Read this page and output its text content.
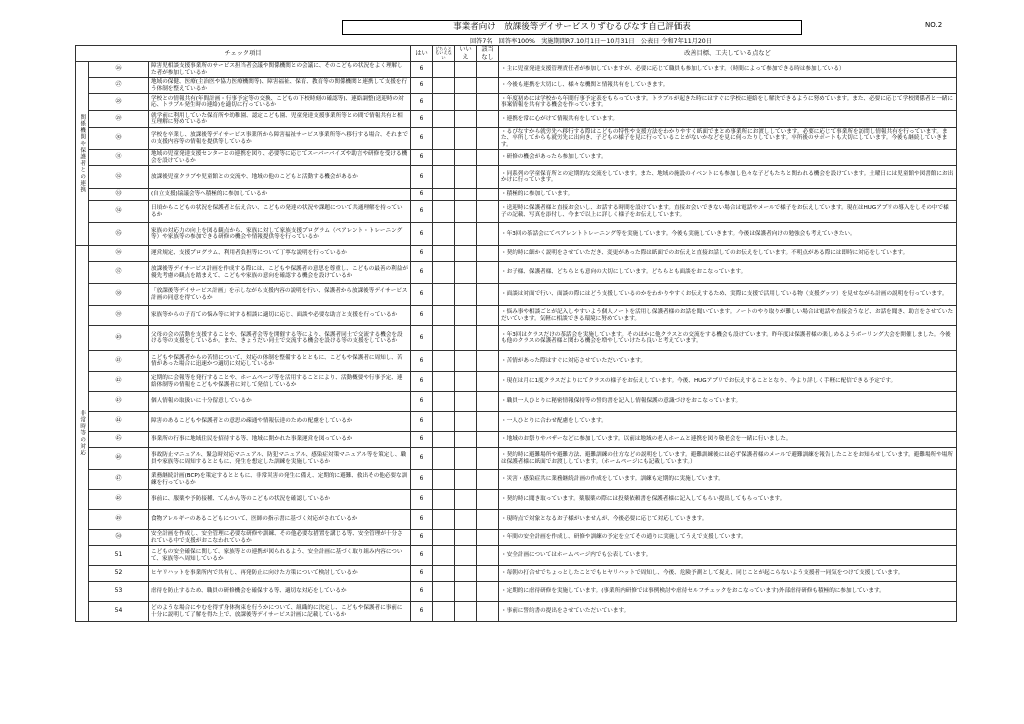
事業者向け　放課後等デイサービスりずむるぴなす自己評価表	NO.2
回答7名　回答率100%　実施期間R7.10月1日～10月31日　公表日 令和7年11月20日
チェック項目			はい	どちらともいえない	いいえ	該当なし	改善目標、工夫している点など
関係機関や保護者との連携	㉖	障害児相談支援事業所のサービス担当者会議や関係機関との会議に、そのこどもの状況をよく理解した者が参加しているか	6				・主に児童発達支援管理責任者が参加していますが、必要に応じて職員も参加しています。（時間によって参加できる時は参加している）
	㉗	地域の保健、医療(主治医や協力医療機関等)、障害福祉、保育、教育等の関係機関と連携して支援を行う体制を整えているか	6				・今後も連携を大切にし、様々な機関と情報共有をしていきます。
	㉘	学校との情報共有(年間計画・行事予定等の交換、こどもの下校時刻の確認等)、連絡調整(送迎時の対応、トラブル発生時の連絡)を適切に行っているか	6				・年度初めには学校から年間行事予定表をもらっています。トラブルが起きた時にはすぐに学校に連絡をし解決できるように努めています。また、必要に応じて学校関係者と一緒に事案情報を共有する機会を作っています。
	㉙	就学前に利用していた保育所や幼稚園、認定こども園、児童発達支援事業所等との間で情報共有と相互理解に努めているか	6				・連携を常に心がけて情報共有をしています。
	㉚	学校を卒業し、放課後等デイサービス事業所から障害福祉サービス事業所等へ移行する場合、それまでの支援内容等の情報を提供等しているか	6				・るぴなすから就労先へ移行する際はこどもの特性や支援方法をわかりやすく紙面でまとめ事業所にお渡ししています。必要に応じて事業所を訪問し情報共有を行っています。また、卒所してからも就労先に出向き、子どもの様子を見に行っていることがないかなどを見に伺ったりしています。卒所後のサポートも大切にしています。今後も継続していきます。
	㉛	地域の児童発達支援センターとの連携を図り、必要等に応じてスーパーバイズや助言や研修を受ける機会を設けているか	6				・研修の機会があったら参加しています。
	㉜	放課後児童クラブや児童館との交流や、地域の他のこどもと活動する機会があるか	6				・同系列の学童保育所との定期的な交流をしています。また、地域の施設のイベントにも参加し色々な子どもたちと関われる機会を設けています。土曜日には児童館や図書館にお出かけに行っています。
	㉝	(自立支援)協議会等へ積極的に参加しているか	6				・積極的に参加しています。
	㉞	日頃からこどもの状況を保護者と伝え合い、こどもの発達の状況や課題について共通理解を持っているか	6				・送迎時に保護者様と直接お会いし、お話する時間を設けています。直接お会いできない場合は電話やメールで様子をお伝えしています。現在はHUGアプリの導入をしその中で様子の記載、写真を添付し、今まで以上に詳しく様子をお伝えしています。
	㉟	家族の対応力の向上を図る観点から、家族に対して家族支援プログラム（ペアレント・トレーニング等）や家族等の参加できる研修の機会や情報提供等を行っているか	6				・年3回の茶話会にてペアレントトレーニング等を実施しています。今後も実施していきます。今後は保護者向けの勉強会も考えていきたい。
非常時等の対応	㊱	運営規定、支援プログラム、利用者負担等について丁寧な説明を行っているか	6				・契約時に細かく説明をさせていただき、変更があった際は紙面でのお伝えと直接お話してのお伝えをしています。不明点がある際には即時に対応をしています。
	㊲	放課後等デイサービス計画を作成する際には、こどもや保護者の意思を尊重し、こどもの最善の利益が優先考慮の観点を踏まえて、こどもや家族の意向を確認する機会を設けているか	6				・お子様、保護者様、どちらとも意向の大切にしています。どちらとも面談をおこなっています。
	㊳	「放課後等デイサービス計画」を示しながら支援内容の説明を行い、保護者から放課後等デイサービス計画の同意を得ているか	6				・面談は対面で行い、面談の際にはどう支援しているのかをわかりやすくお伝えするため、実際に支援で活用している物（支援グッツ）を見せながら計画の説明を行っています。
	㊴	家族等からの子育ての悩み等に対する相談に適切に応じ、面談や必要な助言と支援を行っているか	6				・悩み事や相談ごとが記入しやすいよう個人ノートを活用し保護者様のお話を聞いています。ノートのやり取りが難しい場合は電話や直接会うなど、お話を聞き、助言をさせていただいています。気軽に相談できる環境に努めています。
	㊵	父母の会の活動を支援することや、保護者会等を開催する等により、保護者同士で交流する機会を設ける等の支援をしているか。また、きょうだい同士で交流する機会を設ける等の支援をしているか	6				・年3回はクラスだけの茶話会を実施しています。そのほかに他クラスとの交流をする機会も設けています。昨年度は保護者様の楽しめるようボーリング大会を開催しました。今後も他のクラスの保護者様と関わる機会を増やしていけたら良いと考えています。
	㊶	こどもや保護者からの苦情について、対応の体制を整備するとともに、こどもや保護者に周知し、苦情があった場合に迅速かつ適切に対応しているか	6				・苦情があった際はすぐに対応させていただいています。
	㊷	定期的に会報等を発行することや、ホームページ等を活用することにより、活動概要や行事予定、連絡体制等の情報をこどもや保護者に対して発信しているか	6				・現在は月に1度クラスだよりにてクラスの様子をお伝えしています。今後、HUGアプリでお伝えすることとなり、今より詳しく手軽に配信できる予定です。
	㊸	個人情報の取扱いに十分留意しているか	6				・職員一人ひとりに秘密情報保持等の誓約書を記入し情報保護の意識づけをおこなっています。
	㊹	障害のあるこどもや保護者との意思の疎通や情報伝達のための配慮をしているか	6				・一人ひとりに合わせ配慮をしています。
	㊺	事業所の行事に地域住民を招待する等、地域に開かれた事業運営を図っているか	6				・地域のお祭りやバザーなどに参加しています。以前は地域の老人ホームと連携を図り敬老会を一緒に行いました。
	㊻	事故防止マニュアル、緊急時対応マニュアル、防犯マニュアル、感染症対策マニュアル等を策定し、職員や家族等に周知するとともに、発生を想定した訓練を実施しているか	6				・契約時に避難場所や避難方法、避難訓練の仕方などの説明をしています。避難訓練後には必ず保護者様のメールで避難訓練を報告したことをお知らせしています。避難場所や場所は保護者様に紙面でお渡ししています。（ホームページにも記載しています。）
	㊼	業務継続計画(BCP)を策定するとともに、非常災害の発生に備え、定期的に避難、救出その他必要な訓練を行っているか	6				・災害・感染症共に業務継続計画の作成をしています。訓練も定期的に実施しています。
	㊽	事前に、服薬や予防接種、てんかん等のこどもの状況を確認しているか	6				・契約時に聞き取っています。薬服薬の際には投薬依頼書を保護者様に記入してもらい提出してもらっています。
	㊾	食物アレルギーのあるこどもについて、医師の指示書に基づく対応がされているか	6				・現時点で対象となるお子様がいませんが、今後必要に応じて対応していきます。
	㊿	安全計画を作成し、安全管理に必要な研修や訓練、その他必要な措置を講じる等、安全管理が十分されている中で支援がおこなわれているか	6				・年間の安全計画を作成し、研修や訓練の予定を立てその通りに実施してうえで支援しています。
	51	こどもの安全確保に関して、家族等との連携が図られるよう、安全計画に基づく取り組み内容について、家族等へ周知しているか	6				・安全計画についてはホームページ内でも公表しています。
	52	ヒヤリハットを事業所内で共有し、再発防止に向けた方策について検討しているか	6				・毎朝の打合せでちょっとしたことでもヒヤリハットで周知し、今後、危険予測として捉え、同じことが起こらないよう支援者一同気をつけて支援しています。
	53	虐待を防止するため、職員の研修機会を確保する等、適切な対応をしているか	6				・定期的に虐待研修を実施しています。(事業所内研修では事例検討や虐待セルフチェックをおこなっています)外部虐待研修も積極的に参加しています。
	54	どのような場合にやむを得ず身体拘束を行うかについて、組織的に決定し、こどもや保護者に事前に十分に説明して了解を得た上で、放課後等デイサービス計画に記載しているか	6				・事前に誓約書の提出をさせていただいています。
